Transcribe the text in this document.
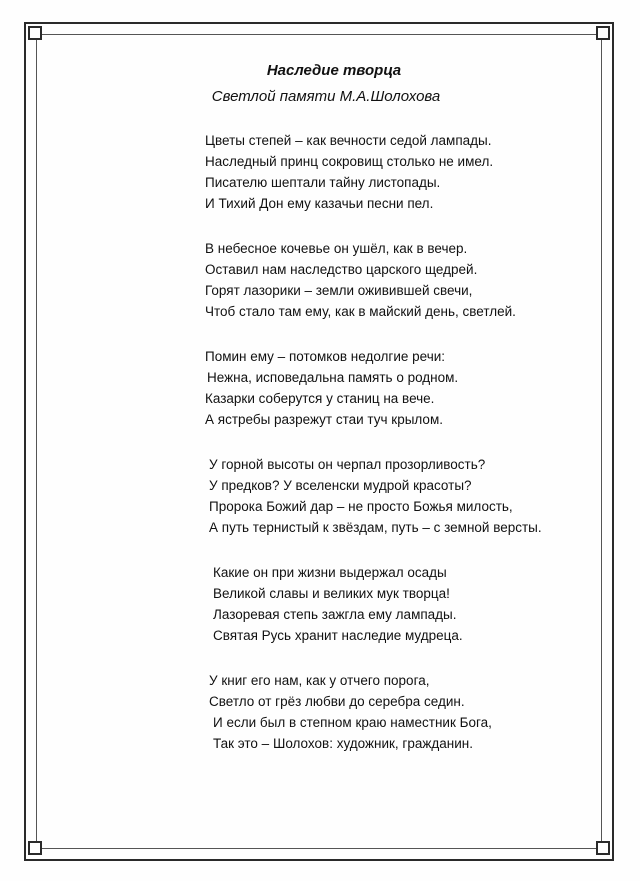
Наследие творца
Светлой памяти М.А.Шолохова
Цветы степей – как вечности седой лампады.
Наследный принц сокровищ столько не имел.
Писателю шептали тайну листопады.
И Тихий Дон ему казачьи песни пел.
В небесное кочевье он ушёл, как в вечер.
Оставил нам наследство царского щедрей.
Горят лазорики – земли оживившей свечи,
Чтоб стало там ему, как в майский день, светлей.
Помин ему – потомков недолгие речи:
Нежна, исповедальна память о родном.
Казарки соберутся у станиц на вече.
А ястребы разрежут стаи туч крылом.
У горной высоты он черпал прозорливость?
У предков? У вселенски мудрой красоты?
Пророка Божий дар – не просто Божья милость,
А путь тернистый к звёздам, путь – с земной версты.
Какие он при жизни выдержал осады
Великой славы и великих мук творца!
Лазоревая степь зажгла ему лампады.
Святая Русь хранит наследие мудреца.
У книг его нам, как у отчего порога,
Светло от грёз любви до серебра седин.
И если был в степном краю наместник Бога,
Так это – Шолохов: художник, гражданин.
